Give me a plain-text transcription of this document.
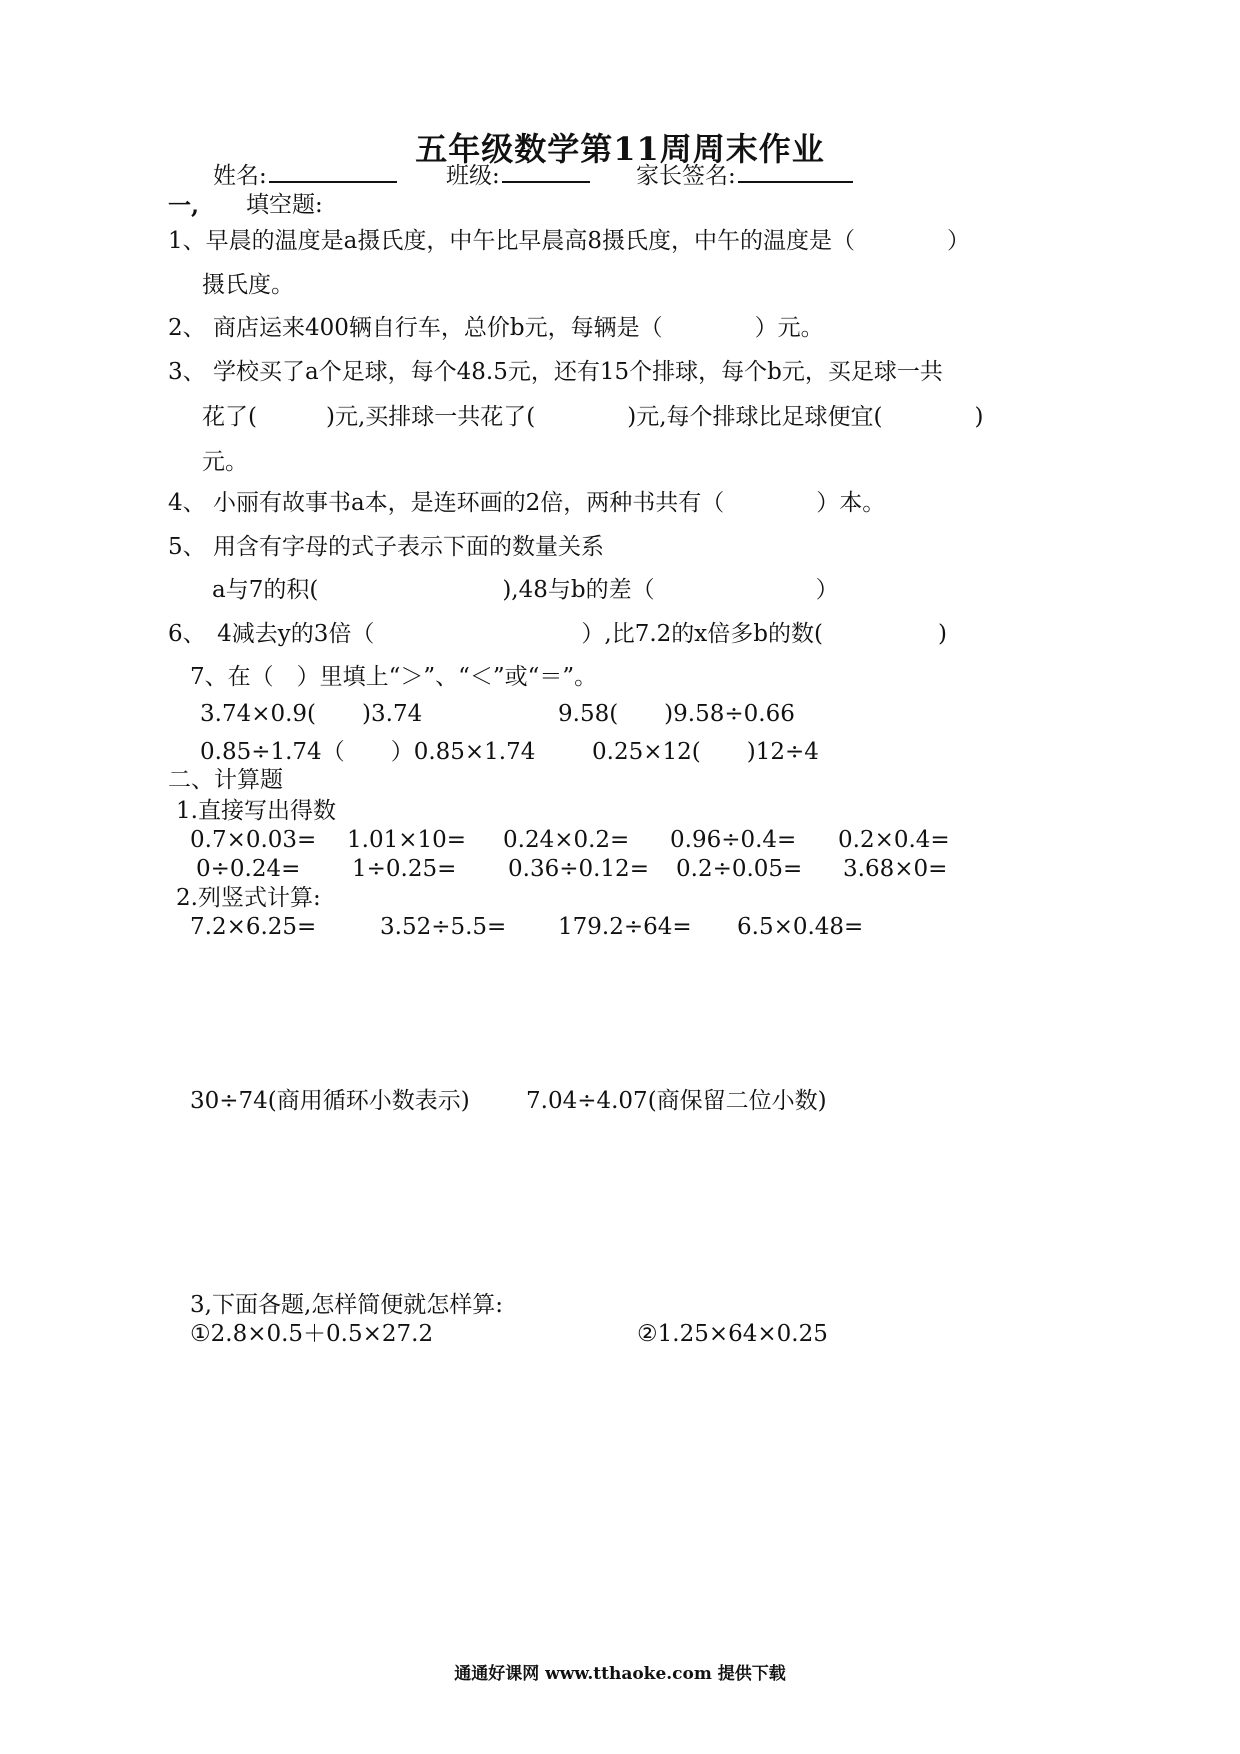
五年级数学第11周周末作业
姓名:	班级:	家长签名:
一, 填空题:
1、早晨的温度是a摄氏度，中午比早晨高8摄氏度，中午的温度是（　　　　）
摄氏度。
2、 商店运来400辆自行车，总价b元，每辆是（　　　　）元。
3、 学校买了a个足球，每个48.5元，还有15个排球，每个b元，买足球一共
花了(　　　)元,买排球一共花了(　　　　)元,每个排球比足球便宜(　　　　)
元。
4、 小丽有故事书a本，是连环画的2倍，两种书共有（　　　　）本。
5、 用含有字母的式子表示下面的数量关系
a与7的积(　　　　　　　　),48与b的差（　　　　　　　）
6、　4减去y的3倍（　　　　　　　　　）,比7.2的x倍多b的数(　　　　　)
7、在（　）里填上“＞”、“＜”或“＝”。
3.74×0.9(　　)3.74	9.58(　　)9.58÷0.66
0.85÷1.74（　　）0.85×1.74 0.25×12(　　)12÷4
二、计算题
1.直接写出得数
0.7×0.03= 1.01×10= 0.24×0.2= 0.96÷0.4= 0.2×0.4=
0÷0.24= 1÷0.25= 0.36÷0.12= 0.2÷0.05= 3.68×0=
2.列竖式计算:
7.2×6.25=	3.52÷5.5= 179.2÷64= 6.5×0.48=
30÷74(商用循环小数表示) 7.04÷4.07(商保留二位小数)
3,下面各题,怎样简便就怎样算:
①2.8×0.5＋0.5×27.2	②1.25×64×0.25
通通好课网 www.tthaoke.com 提供下载
